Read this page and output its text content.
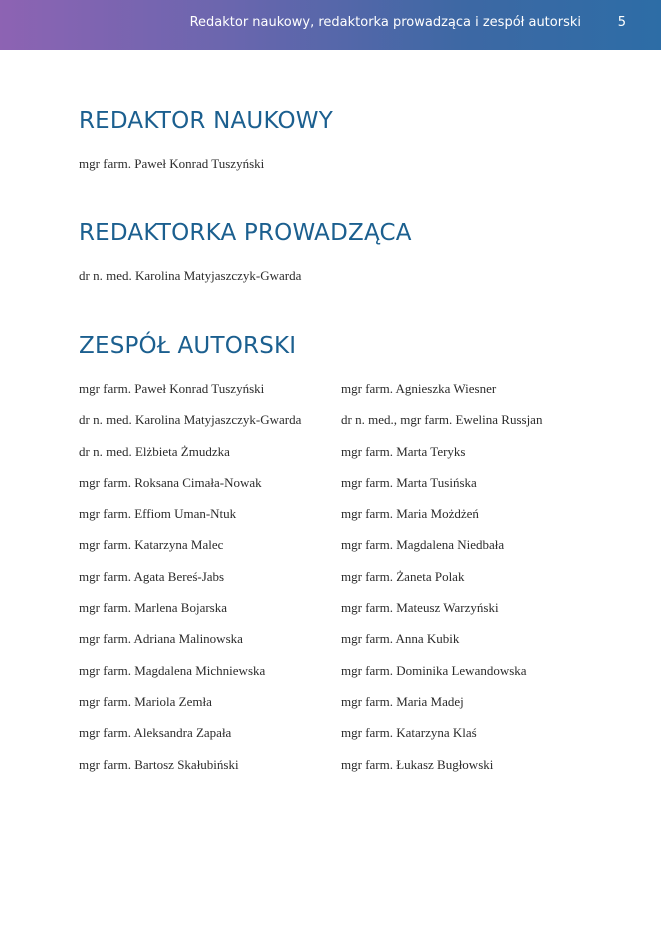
Redaktor naukowy, redaktorka prowadząca i zespół autorski	5
REDAKTOR NAUKOWY

mgr farm. Paweł Konrad Tuszyński

REDAKTORKA PROWADZĄCA

dr n. med. Karolina Matyjaszczyk-Gwarda

ZESPÓŁ AUTORSKI
mgr farm. Paweł Konrad Tuszyński
dr n. med. Karolina Matyjaszczyk-Gwarda
dr n. med. Elżbieta Żmudzka
mgr farm. Roksana Cimała-Nowak
mgr farm. Effiom Uman-Ntuk
mgr farm. Katarzyna Malec
mgr farm. Agata Bereś-Jabs
mgr farm. Marlena Bojarska
mgr farm. Adriana Malinowska
mgr farm. Magdalena Michniewska
mgr farm. Mariola Zemła
mgr farm. Aleksandra Zapała
mgr farm. Bartosz Skałubiński
mgr farm. Agnieszka Wiesner
dr n. med., mgr farm. Ewelina Russjan
mgr farm. Marta Teryks
mgr farm. Marta Tusińska
mgr farm. Maria Możdżeń
mgr farm. Magdalena Niedbała
mgr farm. Żaneta Polak
mgr farm. Mateusz Warzyński
mgr farm. Anna Kubik
mgr farm. Dominika Lewandowska
mgr farm. Maria Madej
mgr farm. Katarzyna Klaś
mgr farm. Łukasz Bugłowski
